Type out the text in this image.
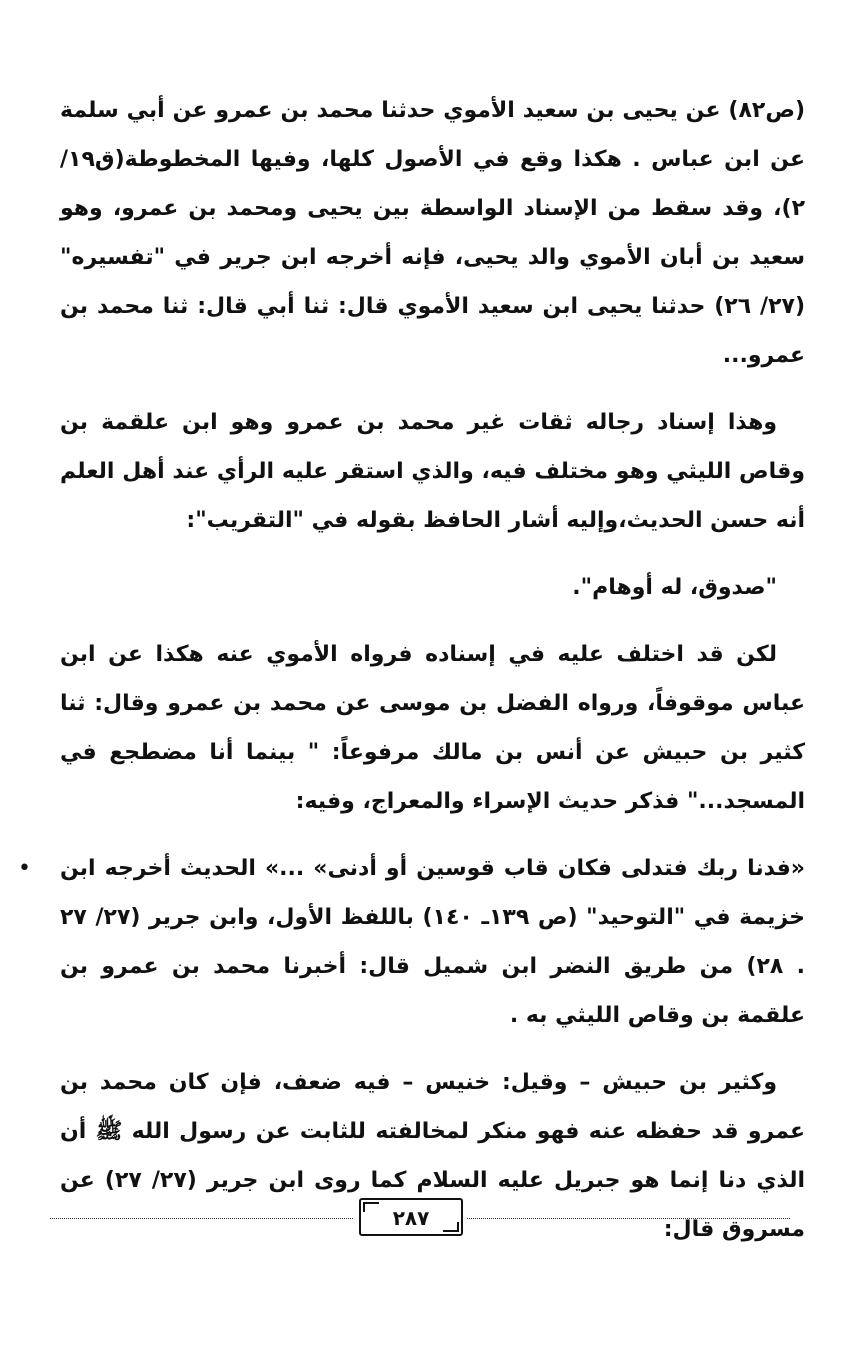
(ص٨٢) عن يحيى بن سعيد الأموي حدثنا محمد بن عمرو عن أبي سلمة عن ابن عباس . هكذا وقع في الأصول كلها، وفيها المخطوطة(ق١٩/ ٢)، وقد سقط من الإسناد الواسطة بين يحيى ومحمد بن عمرو، وهو سعيد بن أبان الأموي والد يحيى، فإنه أخرجه ابن جرير في "تفسيره" (٢٧/ ٢٦) حدثنا يحيى ابن سعيد الأموي قال: ثنا أبي قال: ثنا محمد بن عمرو...

وهذا إسناد رجاله ثقات غير محمد بن عمرو وهو ابن علقمة بن وقاص الليثي وهو مختلف فيه، والذي استقر عليه الرأي عند أهل العلم أنه حسن الحديث،وإليه أشار الحافظ بقوله في "التقريب":

"صدوق، له أوهام".

لكن قد اختلف عليه في إسناده فرواه الأموي عنه هكذا عن ابن عباس موقوفاً، ورواه الفضل بن موسى عن محمد بن عمرو وقال: ثنا كثير بن حبيش عن أنس بن مالك مرفوعاً: " بينما أنا مضطجع في المسجد..." فذكر حديث الإسراء والمعراج، وفيه:

«فدنا ربك فتدلى فكان قاب قوسين أو أدنى» ...» الحديث أخرجه ابن خزيمة في "التوحيد" (ص ١٣٩ـ ١٤٠) باللفظ الأول، وابن جرير (٢٧/ ٢٧ . ٢٨) من طريق النضر ابن شميل قال: أخبرنا محمد بن عمرو بن علقمة بن وقاص الليثي به .

وكثير بن حبيش – وقيل: خنيس – فيه ضعف، فإن كان محمد بن عمرو قد حفظه عنه فهو منكر لمخالفته للثابت عن رسول الله ﷺ أن الذي دنا إنما هو جبريل عليه السلام كما روى ابن جرير (٢٧/ ٢٧) عن مسروق قال:

•
٢٨٧
